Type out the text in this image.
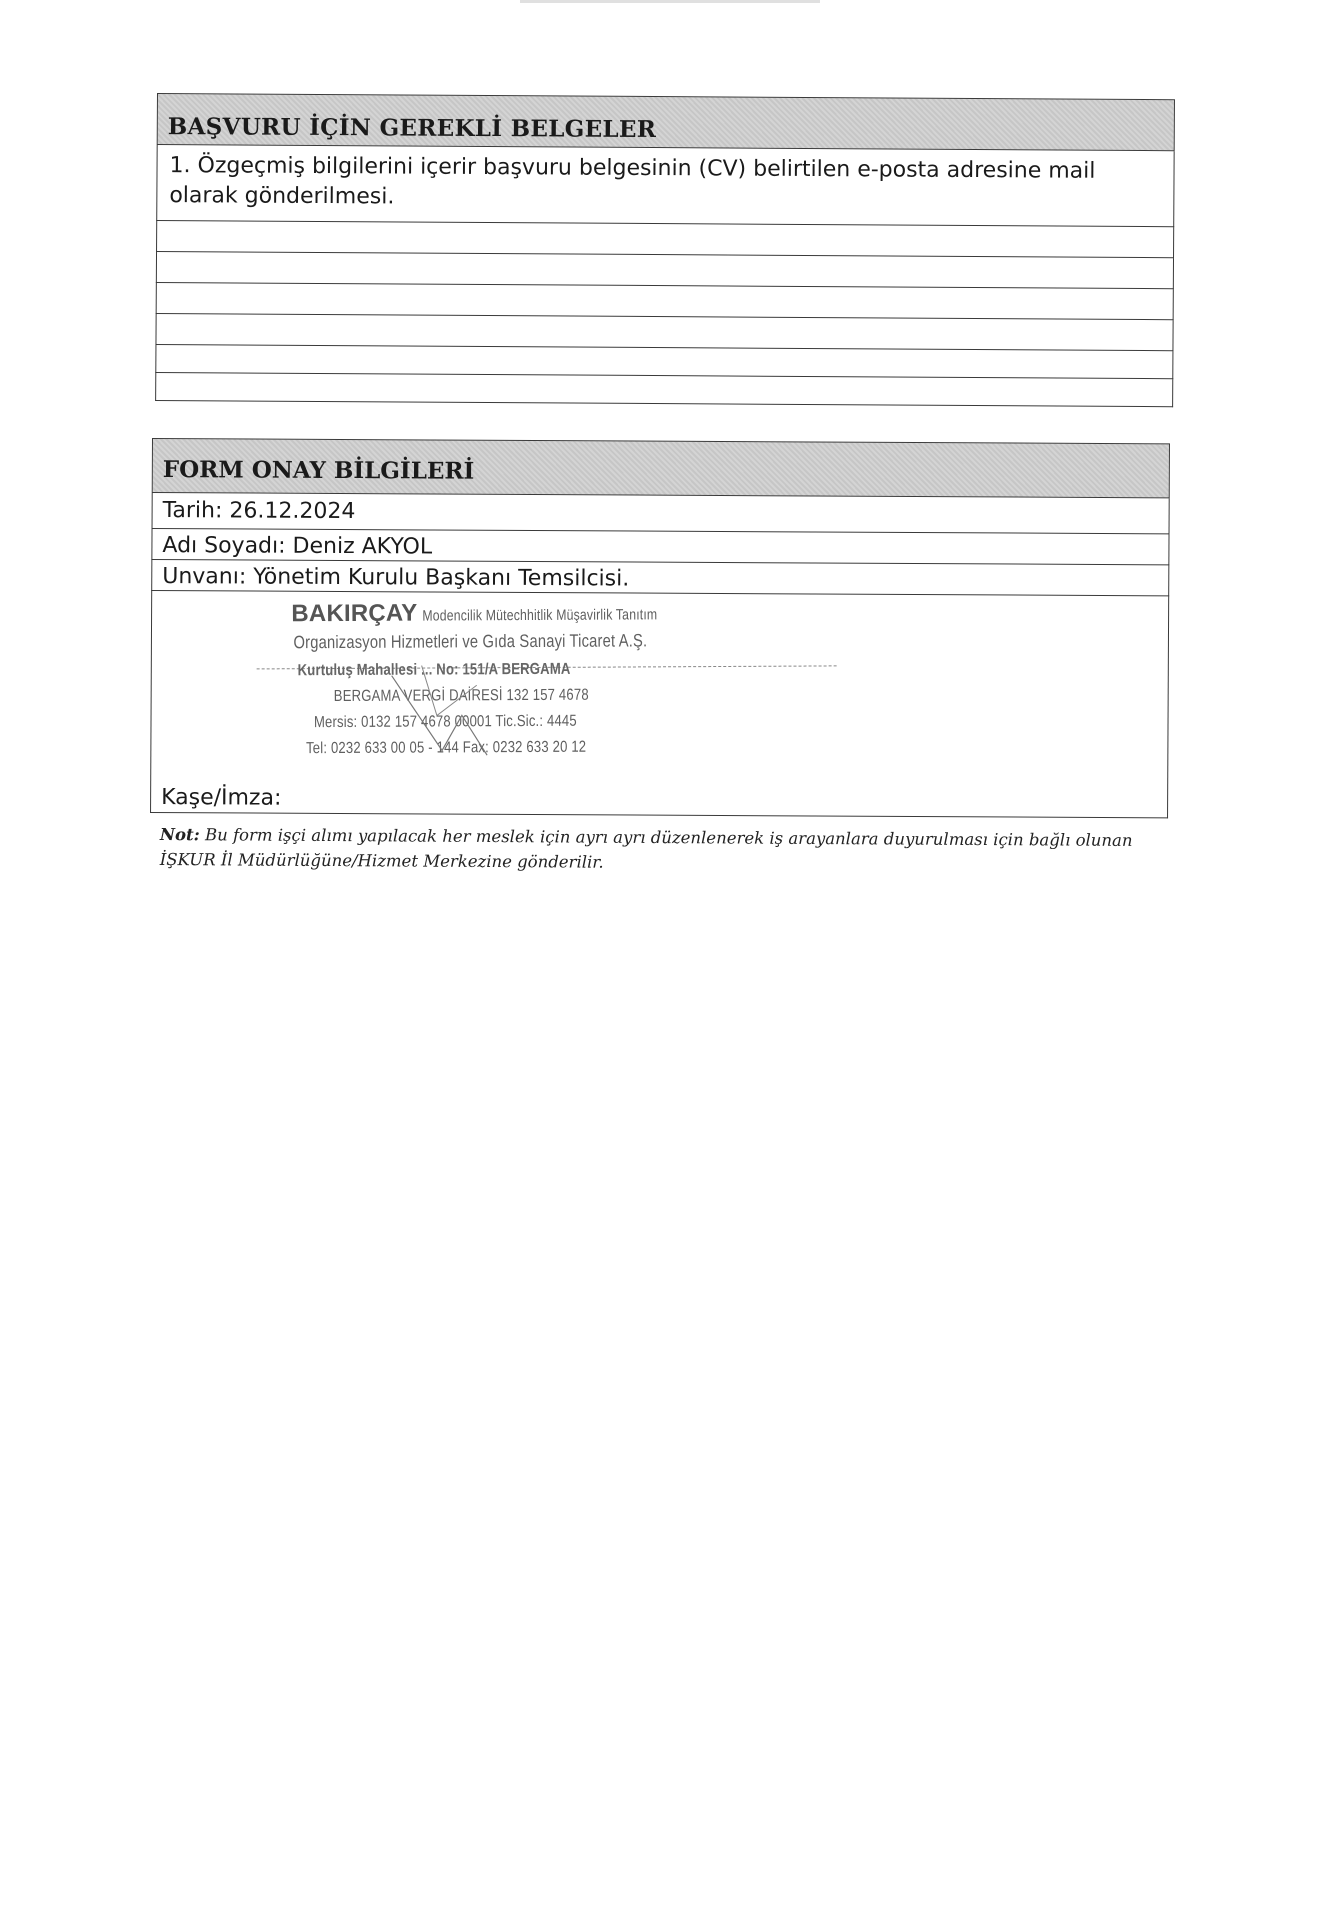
BAŞVURU İÇİN GEREKLİ BELGELER
1. Özgeçmiş bilgilerini içerir başvuru belgesinin (CV) belirtilen e-posta adresine mail olarak gönderilmesi.
FORM ONAY BİLGİLERİ
Tarih: 26.12.2024
Adı Soyadı: Deniz AKYOL
Unvanı: Yönetim Kurulu Başkanı Temsilcisi.
BAKIRÇAY Modencilik Mütechhitlik Müşavirlik Tanıtım
Organizasyon Hizmetleri ve Gıda Sanayi Ticaret A.Ş.
Kurtuluş Mahallesi ... No: 151/A BERGAMA
BERGAMA VERGİ DAİRESİ 132 157 4678
Mersis: 0132 157 4678 00001 Tic.Sic.: 4445
Tel: 0232 633 00 05 - 144 Fax: 0232 633 20 12
Kaşe/İmza:
Not: Bu form işçi alımı yapılacak her meslek için ayrı ayrı düzenlenerek iş arayanlara duyurulması için bağlı olunan İŞKUR İl Müdürlüğüne/Hizmet Merkezine gönderilir.
